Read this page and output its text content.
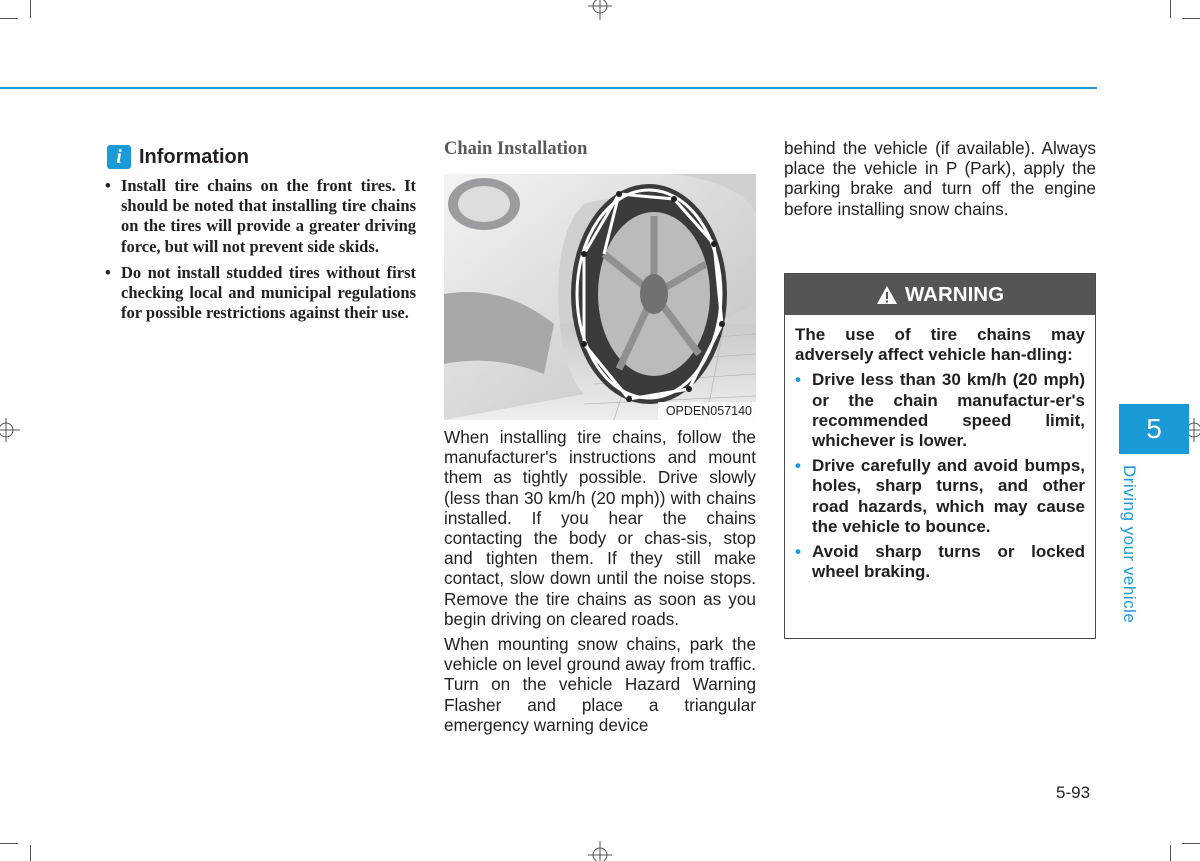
i Information
• Install tire chains on the front tires. It should be noted that installing tire chains on the tires will provide a greater driving force, but will not prevent side skids.
• Do not install studded tires without first checking local and municipal regulations for possible restrictions against their use.
Chain Installation
OPDEN057140

When installing tire chains, follow the manufacturer's instructions and mount them as tightly possible. Drive slowly (less than 30 km/h (20 mph)) with chains installed. If you hear the chains contacting the body or chas-sis, stop and tighten them. If they still make contact, slow down until the noise stops. Remove the tire chains as soon as you begin driving on cleared roads.

When mounting snow chains, park the vehicle on level ground away from traffic. Turn on the vehicle Hazard Warning Flasher and place a triangular emergency warning device

behind the vehicle (if available). Always place the vehicle in P (Park), apply the parking brake and turn off the engine before installing snow chains.

WARNING

The use of tire chains may adversely affect vehicle han-dling:

• Drive less than 30 km/h (20 mph) or the chain manufactur-er's recommended speed limit, whichever is lower.
• Drive carefully and avoid bumps, holes, sharp turns, and other road hazards, which may cause the vehicle to bounce.
• Avoid sharp turns or locked wheel braking.
5
Driving your vehicle
5-93
